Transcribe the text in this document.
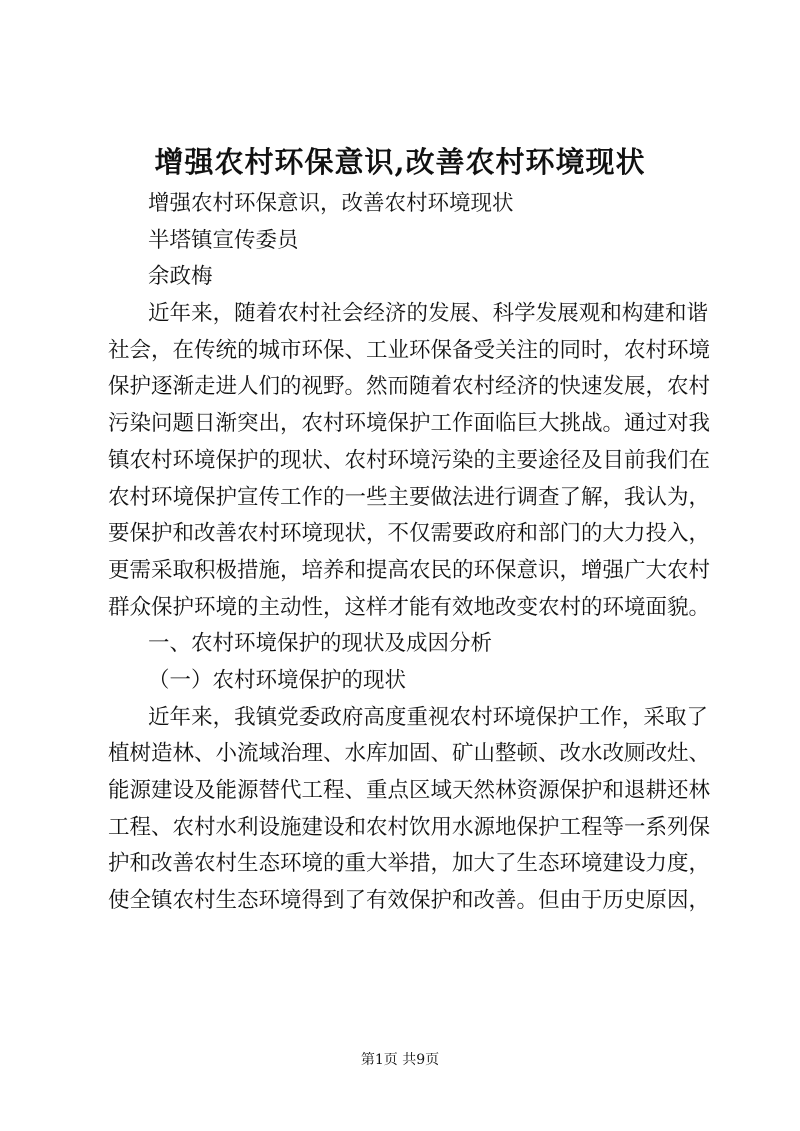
增强农村环保意识,改善农村环境现状
增强农村环保意识，改善农村环境现状
半塔镇宣传委员
余政梅
近年来，随着农村社会经济的发展、科学发展观和构建和谐
社会，在传统的城市环保、工业环保备受关注的同时，农村环境
保护逐渐走进人们的视野。然而随着农村经济的快速发展，农村
污染问题日渐突出，农村环境保护工作面临巨大挑战。通过对我
镇农村环境保护的现状、农村环境污染的主要途径及目前我们在
农村环境保护宣传工作的一些主要做法进行调查了解，我认为，
要保护和改善农村环境现状，不仅需要政府和部门的大力投入，
更需采取积极措施，培养和提高农民的环保意识，增强广大农村
群众保护环境的主动性，这样才能有效地改变农村的环境面貌。
一、农村环境保护的现状及成因分析
（一）农村环境保护的现状
近年来，我镇党委政府高度重视农村环境保护工作，采取了
植树造林、小流域治理、水库加固、矿山整顿、改水改厕改灶、
能源建设及能源替代工程、重点区域天然林资源保护和退耕还林
工程、农村水利设施建设和农村饮用水源地保护工程等一系列保
护和改善农村生态环境的重大举措，加大了生态环境建设力度，
使全镇农村生态环境得到了有效保护和改善。但由于历史原因，
第1页 共9页
